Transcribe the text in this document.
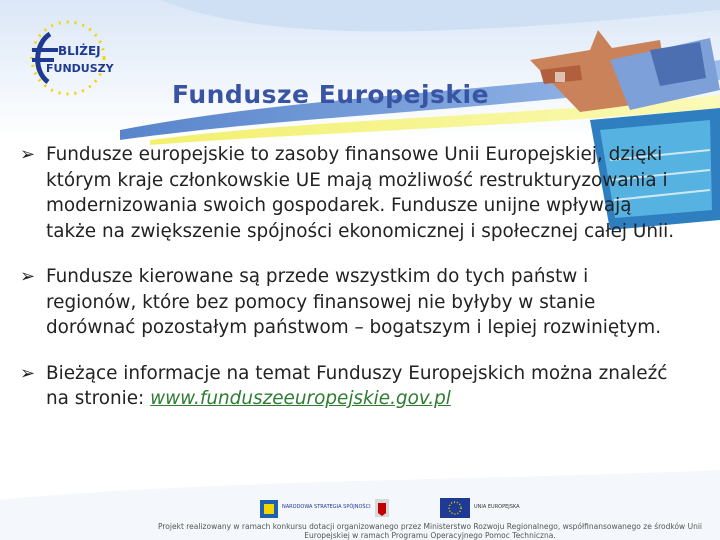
BLIŻEJ
FUNDUSZY
Fundusze Europejskie
➢ Fundusze europejskie to zasoby finansowe Unii Europejskiej, dzięki którym kraje członkowskie UE mają możliwość restrukturyzowania i modernizowania swoich gospodarek. Fundusze unijne wpływają także na zwiększenie spójności ekonomicznej i społecznej całej Unii.
➢ Fundusze kierowane są przede wszystkim do tych państw i regionów, które bez pomocy finansowej nie byłyby w stanie dorównać pozostałym państwom – bogatszym i lepiej rozwiniętym.
➢ Bieżące informacje na temat Funduszy Europejskich można znaleźć na stronie: www.funduszeeuropejskie.gov.pl
NARODOWA STRATEGIA SPÓJNOŚCI	UNIA EUROPEJSKA
Projekt realizowany w ramach konkursu dotacji organizowanego przez Ministerstwo Rozwoju Regionalnego, współfinansowanego ze środków Unii Europejskiej w ramach Programu Operacyjnego Pomoc Techniczna.
